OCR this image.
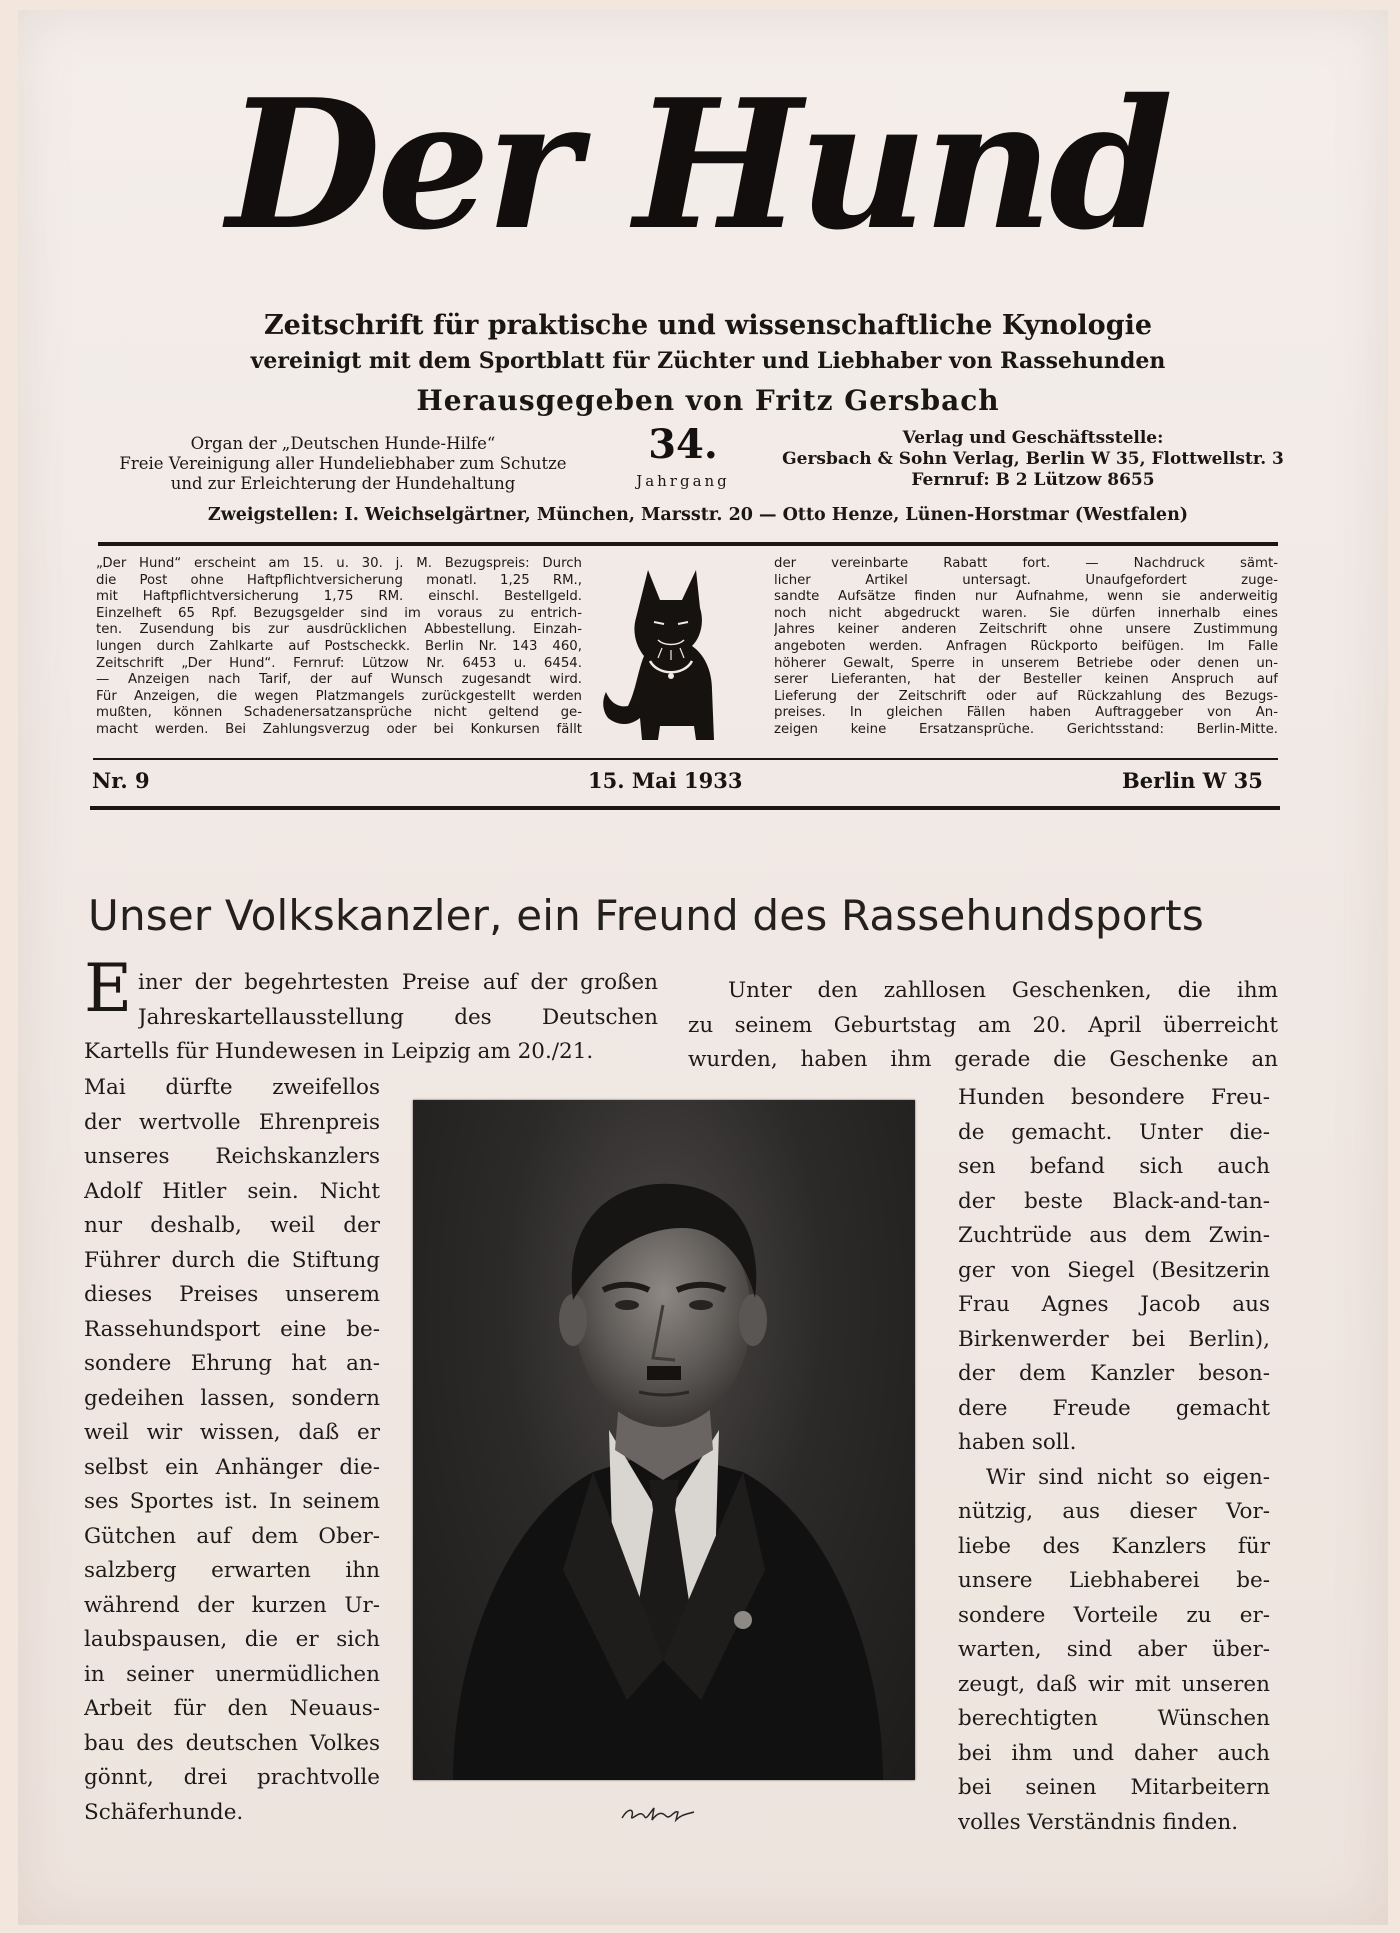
Der Hund
Zeitschrift für praktische und wissenschaftliche Kynologie
vereinigt mit dem Sportblatt für Züchter und Liebhaber von Rassehunden
Herausgegeben von Fritz Gersbach
Organ der „Deutschen Hunde-Hilfe“
Freie Vereinigung aller Hundeliebhaber zum Schutze
und zur Erleichterung der Hundehaltung
34.
Jahrgang
Verlag und Geschäftsstelle:
Gersbach & Sohn Verlag, Berlin W 35, Flottwellstr. 3
Fernruf: B 2 Lützow 8655
Zweigstellen: I. Weichselgärtner, München, Marsstr. 20 — Otto Henze, Lünen-Horstmar (Westfalen)
„Der Hund“ erscheint am 15. u. 30. j. M. Bezugspreis: Durch
die Post ohne Haftpflichtversicherung monatl. 1,25 RM.,
mit Haftpflichtversicherung 1,75 RM. einschl. Bestellgeld.
Einzelheft 65 Rpf. Bezugsgelder sind im voraus zu entrich-
ten. Zusendung bis zur ausdrücklichen Abbestellung. Einzah-
lungen durch Zahlkarte auf Postscheckk. Berlin Nr. 143 460,
Zeitschrift „Der Hund“. Fernruf: Lützow Nr. 6453 u. 6454.
— Anzeigen nach Tarif, der auf Wunsch zugesandt wird.
Für Anzeigen, die wegen Platzmangels zurückgestellt werden
mußten, können Schadenersatzansprüche nicht geltend ge-
macht werden. Bei Zahlungsverzug oder bei Konkursen fällt
der vereinbarte Rabatt fort. — Nachdruck sämt-
licher Artikel untersagt. Unaufgefordert zuge-
sandte Aufsätze finden nur Aufnahme, wenn sie anderweitig
noch nicht abgedruckt waren. Sie dürfen innerhalb eines
Jahres keiner anderen Zeitschrift ohne unsere Zustimmung
angeboten werden. Anfragen Rückporto beifügen. Im Falle
höherer Gewalt, Sperre in unserem Betriebe oder denen un-
serer Lieferanten, hat der Besteller keinen Anspruch auf
Lieferung der Zeitschrift oder auf Rückzahlung des Bezugs-
preises. In gleichen Fällen haben Auftraggeber von An-
zeigen keine Ersatzansprüche. Gerichtsstand: Berlin-Mitte.
Nr. 9	15. Mai 1933	Berlin W 35
Unser Volkskanzler, ein Freund des Rassehundsports
E iner der begehrtesten Preise auf der großen
Jahreskartellausstellung des Deutschen
Kartells für Hundewesen in Leipzig am 20./21.
Mai dürfte zweifellos
der wertvolle Ehrenpreis
unseres Reichskanzlers
Adolf Hitler sein. Nicht
nur deshalb, weil der
Führer durch die Stiftung
dieses Preises unserem
Rassehundsport eine be-
sondere Ehrung hat an-
gedeihen lassen, sondern
weil wir wissen, daß er
selbst ein Anhänger die-
ses Sportes ist. In seinem
Gütchen auf dem Ober-
salzberg erwarten ihn
während der kurzen Ur-
laubspausen, die er sich
in seiner unermüdlichen
Arbeit für den Neuaus-
bau des deutschen Volkes
gönnt, drei prachtvolle
Schäferhunde.
Unter den zahllosen Geschenken, die ihm
zu seinem Geburtstag am 20. April überreicht
wurden, haben ihm gerade die Geschenke an
Hunden besondere Freu-
de gemacht. Unter die-
sen befand sich auch
der beste Black-and-tan-
Zuchtrüde aus dem Zwin-
ger von Siegel (Besitzerin
Frau Agnes Jacob aus
Birkenwerder bei Berlin),
der dem Kanzler beson-
dere Freude gemacht
haben soll.
Wir sind nicht so eigen-
nützig, aus dieser Vor-
liebe des Kanzlers für
unsere Liebhaberei be-
sondere Vorteile zu er-
warten, sind aber über-
zeugt, daß wir mit unseren
berechtigten Wünschen
bei ihm und daher auch
bei seinen Mitarbeitern
volles Verständnis finden.
